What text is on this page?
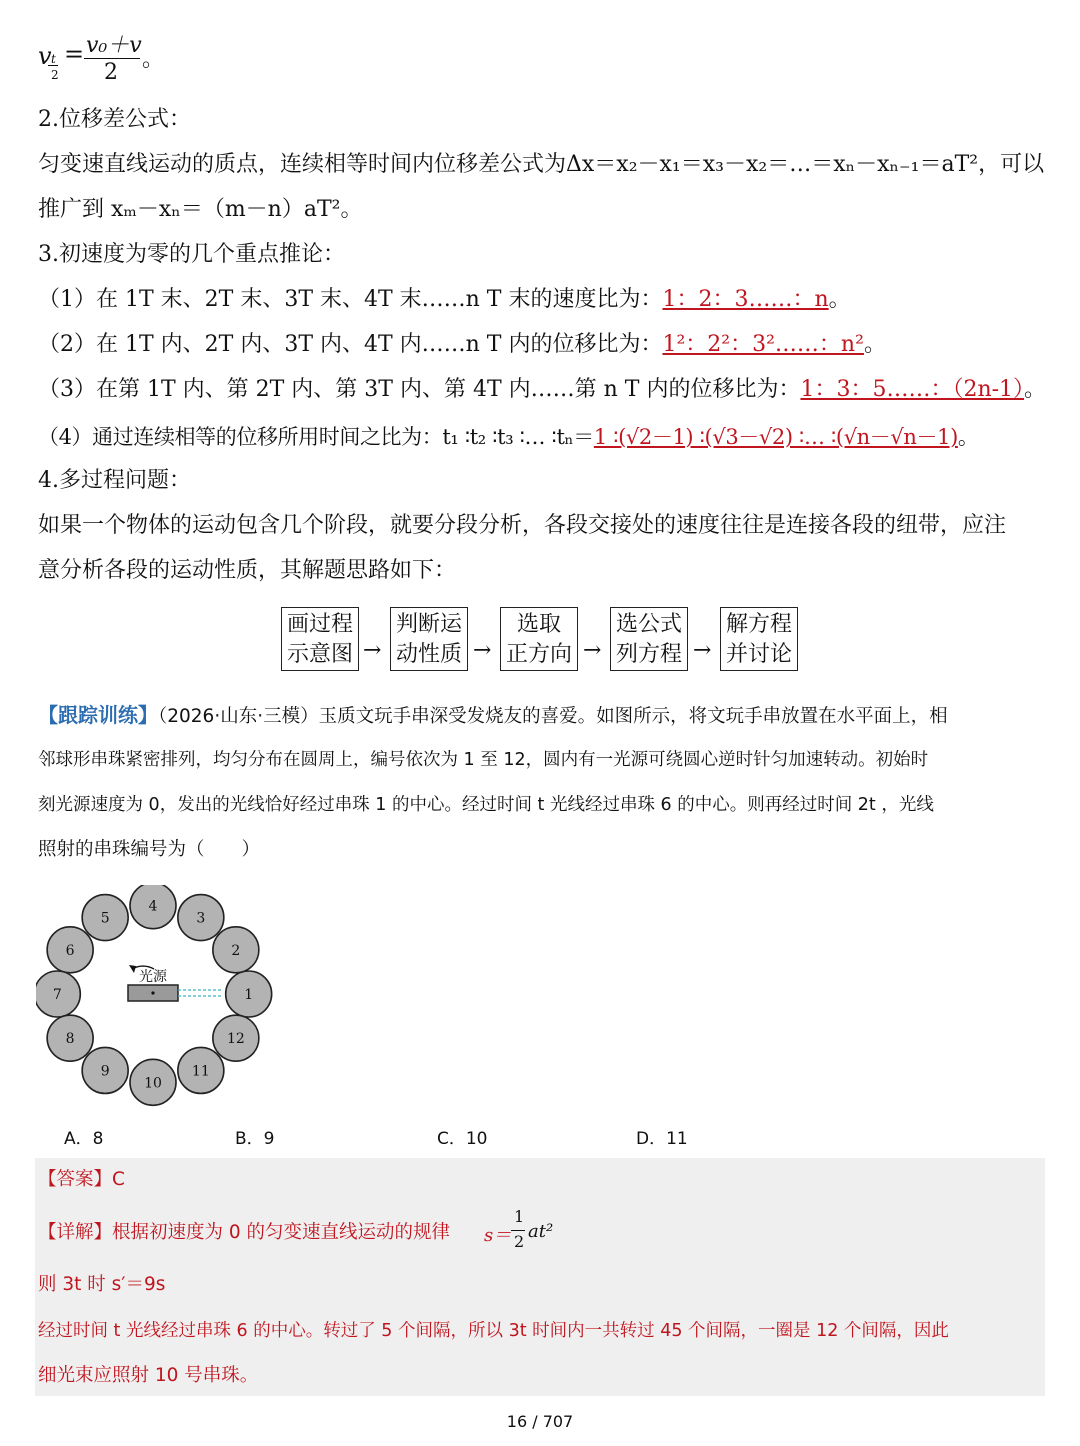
v t
2
= v₀＋v
2
。
2.位移差公式：
匀变速直线运动的质点，连续相等时间内位移差公式为Δx＝x₂－x₁＝x₃－x₂＝…＝xₙ－xₙ₋₁＝aT²，可以
推广到 xₘ－xₙ＝（m－n）aT²。
3.初速度为零的几个重点推论：
（1）在 1T 末、2T 末、3T 末、4T 末……n T 末的速度比为：1：2：3……：n。
（2）在 1T 内、2T 内、3T 内、4T 内……n T 内的位移比为：1²：2²：3²……：n²。
（3）在第 1T 内、第 2T 内、第 3T 内、第 4T 内……第 n T 内的位移比为：1：3：5……：（2n-1）。
（4）通过连续相等的位移所用时间之比为：t₁ ∶t₂ ∶t₃ ∶… ∶tₙ＝1 ∶(√2－1) ∶(√3－√2) ∶… ∶(√n－√n－1)。
4.多过程问题：
如果一个物体的运动包含几个阶段，就要分段分析，各段交接处的速度往往是连接各段的纽带，应注
意分析各段的运动性质，其解题思路如下：
画过程
示意图 →
判断运
动性质 →
选取
正方向 →
选公式
列方程 →
解方程
并讨论
【跟踪训练】（2026·山东·三模）玉质文玩手串深受发烧友的喜爱。如图所示，将文玩手串放置在水平面上，相
邻球形串珠紧密排列，均匀分布在圆周上，编号依次为 1 至 12，圆内有一光源可绕圆心逆时针匀加速转动。初始时
刻光源速度为 0，发出的光线恰好经过串珠 1 的中心。经过时间 t 光线经过串珠 6 的中心。则再经过时间 2t ，光线
照射的串珠编号为（　　）
1
2
3
4
5
6
7
8
9
10
11
12
光源
A．8	B．9	C．10	D．11
【答案】C
【详解】根据初速度为 0 的匀变速直线运动的规律 s＝
1
2 at²
则 3t 时 s′＝9s
经过时间 t 光线经过串珠 6 的中心。转过了 5 个间隔，所以 3t 时间内一共转过 45 个间隔，一圈是 12 个间隔，因此
细光束应照射 10 号串珠。
16 / 707
